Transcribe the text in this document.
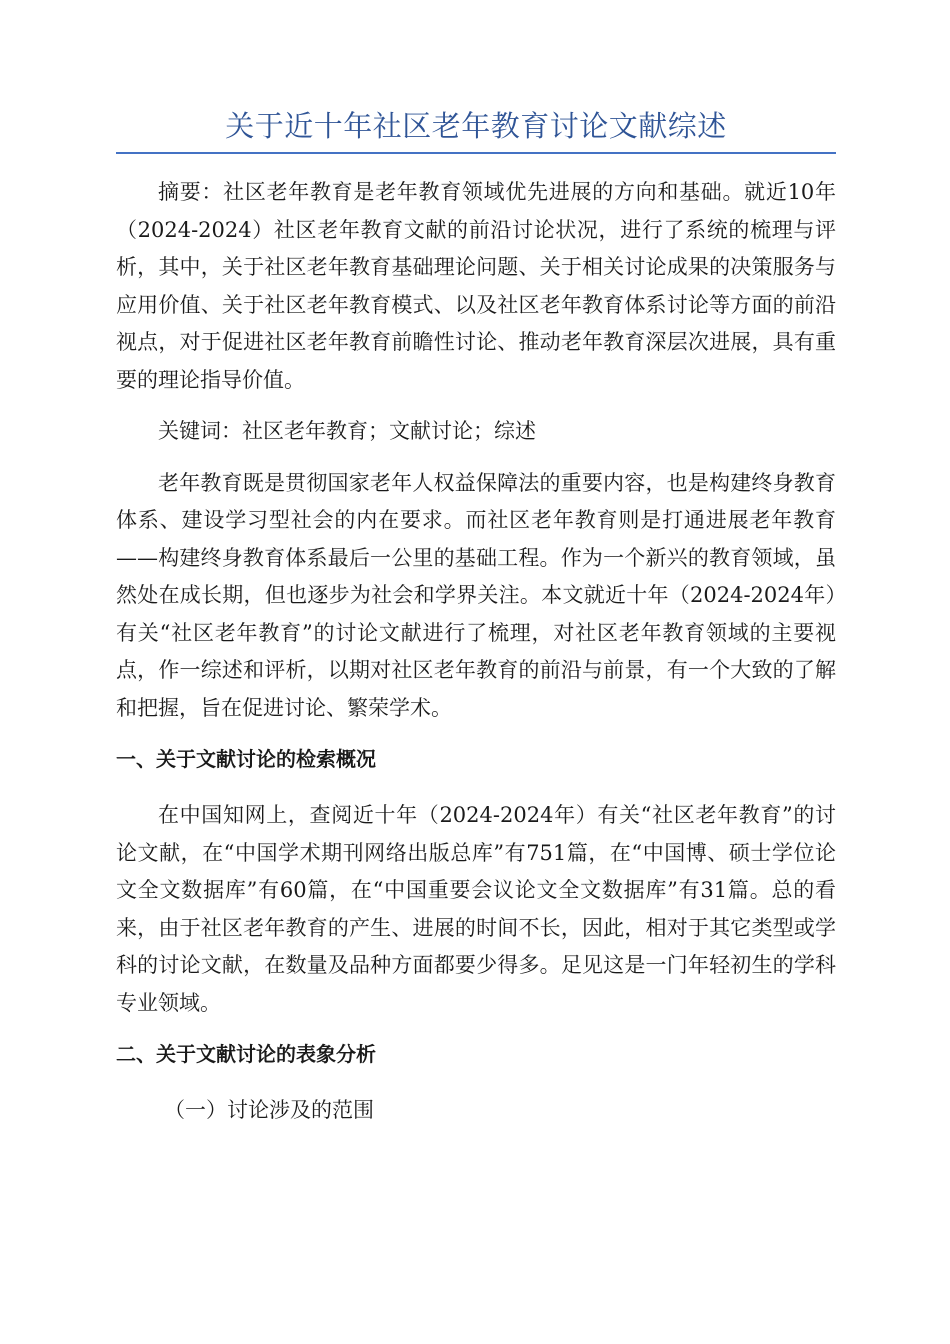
关于近十年社区老年教育讨论文献综述

摘要：社区老年教育是老年教育领域优先进展的方向和基础。就近10年（2024-2024）社区老年教育文献的前沿讨论状况，进行了系统的梳理与评析，其中，关于社区老年教育基础理论问题、关于相关讨论成果的决策服务与应用价值、关于社区老年教育模式、以及社区老年教育体系讨论等方面的前沿视点，对于促进社区老年教育前瞻性讨论、推动老年教育深层次进展，具有重要的理论指导价值。

关键词：社区老年教育；文献讨论；综述

老年教育既是贯彻国家老年人权益保障法的重要内容，也是构建终身教育体系、建设学习型社会的内在要求。而社区老年教育则是打通进展老年教育——构建终身教育体系最后一公里的基础工程。作为一个新兴的教育领域，虽然处在成长期，但也逐步为社会和学界关注。本文就近十年（2024-2024年）有关“社区老年教育”的讨论文献进行了梳理，对社区老年教育领域的主要视点，作一综述和评析，以期对社区老年教育的前沿与前景，有一个大致的了解和把握，旨在促进讨论、繁荣学术。

一、关于文献讨论的检索概况

在中国知网上，查阅近十年（2024-2024年）有关“社区老年教育”的讨论文献，在“中国学术期刊网络出版总库”有751篇，在“中国博、硕士学位论文全文数据库”有60篇，在“中国重要会议论文全文数据库”有31篇。总的看来，由于社区老年教育的产生、进展的时间不长，因此，相对于其它类型或学科的讨论文献，在数量及品种方面都要少得多。足见这是一门年轻初生的学科专业领域。

二、关于文献讨论的表象分析

（一）讨论涉及的范围
